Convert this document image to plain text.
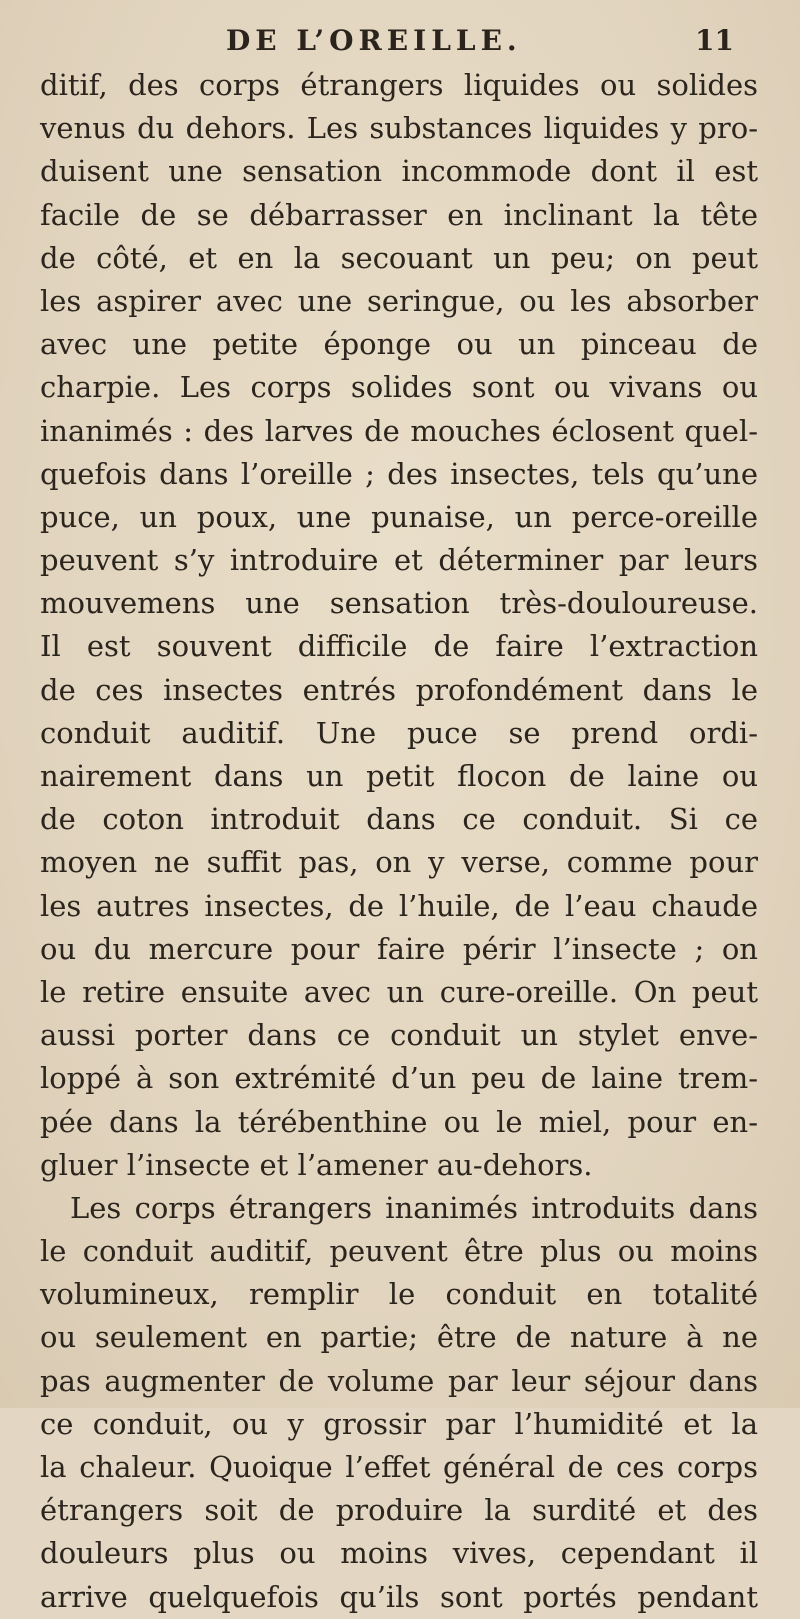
DE L’OREILLE.	11
ditif, des corps étrangers liquides ou solides
venus du dehors. Les substances liquides y pro-
duisent une sensation incommode dont il est
facile de se débarrasser en inclinant la tête
de côté, et en la secouant un peu; on peut
les aspirer avec une seringue, ou les absorber
avec une petite éponge ou un pinceau de
charpie. Les corps solides sont ou vivans ou
inanimés : des larves de mouches éclosent quel-
quefois dans l’oreille ; des insectes, tels qu’une
puce, un poux, une punaise, un perce-oreille
peuvent s’y introduire et déterminer par leurs
mouvemens une sensation très-douloureuse.
Il est souvent difficile de faire l’extraction
de ces insectes entrés profondément dans le
conduit auditif. Une puce se prend ordi-
nairement dans un petit flocon de laine ou
de coton introduit dans ce conduit. Si ce
moyen ne suffit pas, on y verse, comme pour
les autres insectes, de l’huile, de l’eau chaude
ou du mercure pour faire périr l’insecte ; on
le retire ensuite avec un cure-oreille. On peut
aussi porter dans ce conduit un stylet enve-
loppé à son extrémité d’un peu de laine trem-
pée dans la térébenthine ou le miel, pour en-
gluer l’insecte et l’amener au-dehors.
Les corps étrangers inanimés introduits dans
le conduit auditif, peuvent être plus ou moins
volumineux, remplir le conduit en totalité
ou seulement en partie; être de nature à ne
pas augmenter de volume par leur séjour dans
ce conduit, ou y grossir par l’humidité et la
la chaleur. Quoique l’effet général de ces corps
étrangers soit de produire la surdité et des
douleurs plus ou moins vives, cependant il
arrive quelquefois qu’ils sont portés pendant
